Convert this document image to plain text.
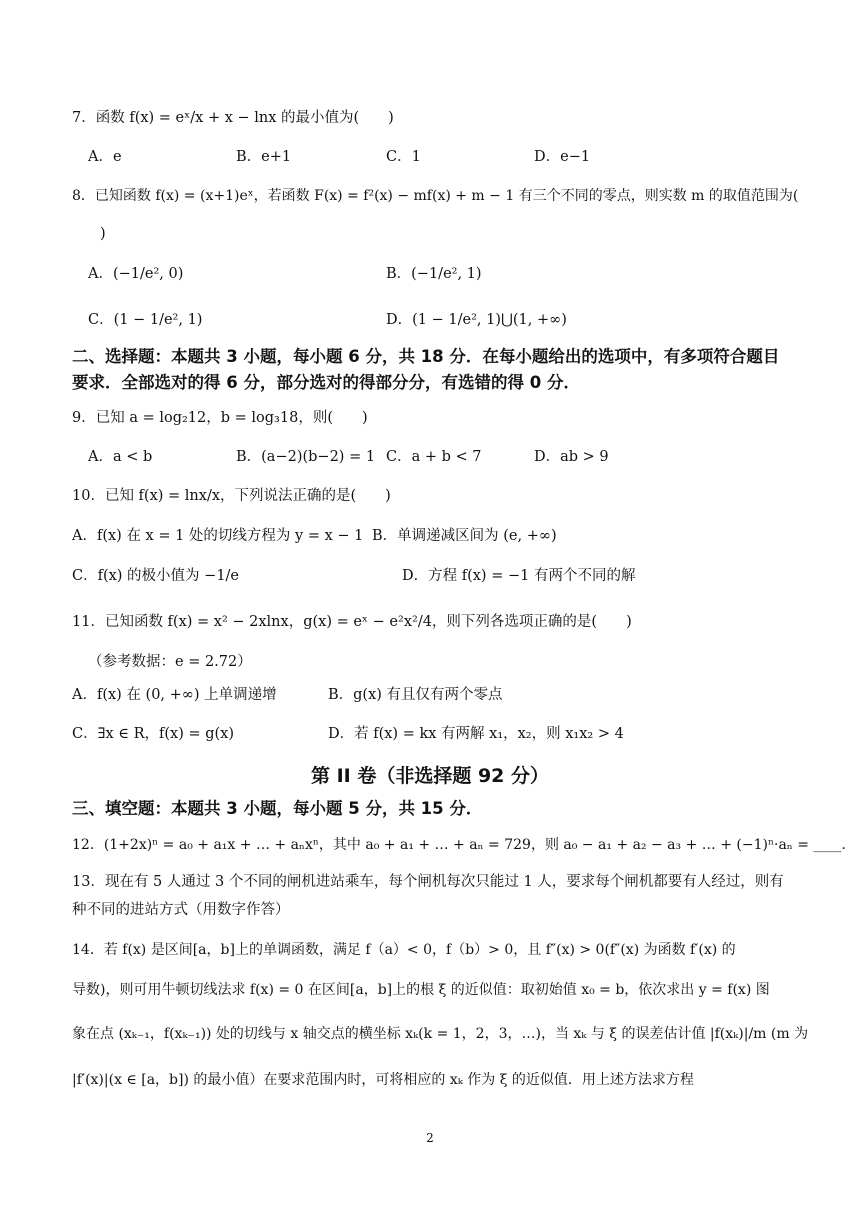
7．函数 f(x) = eˣ/x + x − lnx 的最小值为(　　)
A．e	B．e+1	C．1	D．e−1
8．已知函数 f(x) = (x+1)eˣ，若函数 F(x) = f²(x) − mf(x) + m − 1 有三个不同的零点，则实数 m 的取值范围为(
)
A．(−1/e², 0)	B．(−1/e², 1)
C．(1 − 1/e², 1)	D．(1 − 1/e², 1)⋃(1, +∞)
二、选择题：本题共 3 小题，每小题 6 分，共 18 分．在每小题给出的选项中，有多项符合题目
要求．全部选对的得 6 分，部分选对的得部分分，有选错的得 0 分．
9．已知 a = log₂12，b = log₃18，则(　　)
A．a < b	B．(a−2)(b−2) = 1 C．a + b < 7	D．ab > 9
10．已知 f(x) = lnx/x，下列说法正确的是(　　)
A．f(x) 在 x = 1 处的切线方程为 y = x − 1 B．单调递减区间为 (e, +∞)
C．f(x) 的极小值为 −1/e	D．方程 f(x) = −1 有两个不同的解
11．已知函数 f(x) = x² − 2xlnx，g(x) = eˣ − e²x²/4，则下列各选项正确的是(　　)
（参考数据：e = 2.72）
A．f(x) 在 (0, +∞) 上单调递增	B．g(x) 有且仅有两个零点
C．∃x ∈ R，f(x) = g(x)	D．若 f(x) = kx 有两解 x₁，x₂，则 x₁x₂ > 4
第 II 卷（非选择题 92 分）
三、填空题：本题共 3 小题，每小题 5 分，共 15 分．
12．(1+2x)ⁿ = a₀ + a₁x + … + aₙxⁿ，其中 a₀ + a₁ + … + aₙ = 729，则 a₀ − a₁ + a₂ − a₃ + … + (−1)ⁿ·aₙ = ____．
13．现在有 5 人通过 3 个不同的闸机进站乘车，每个闸机每次只能过 1 人，要求每个闸机都要有人经过，则有
种不同的进站方式（用数字作答）
14．若 f(x) 是区间[a，b]上的单调函数，满足 f（a）< 0，f（b）> 0，且 f″(x) > 0(f″(x) 为函数 f′(x) 的
导数)，则可用牛顿切线法求 f(x) = 0 在区间[a，b]上的根 ξ 的近似值：取初始值 x₀ = b，依次求出 y = f(x) 图
象在点 (xₖ₋₁，f(xₖ₋₁)) 处的切线与 x 轴交点的横坐标 xₖ(k = 1，2，3，…)，当 xₖ 与 ξ 的误差估计值 |f(xₖ)|/m (m 为
|f′(x)|(x ∈ [a，b]) 的最小值）在要求范围内时，可将相应的 xₖ 作为 ξ 的近似值．用上述方法求方程
2
